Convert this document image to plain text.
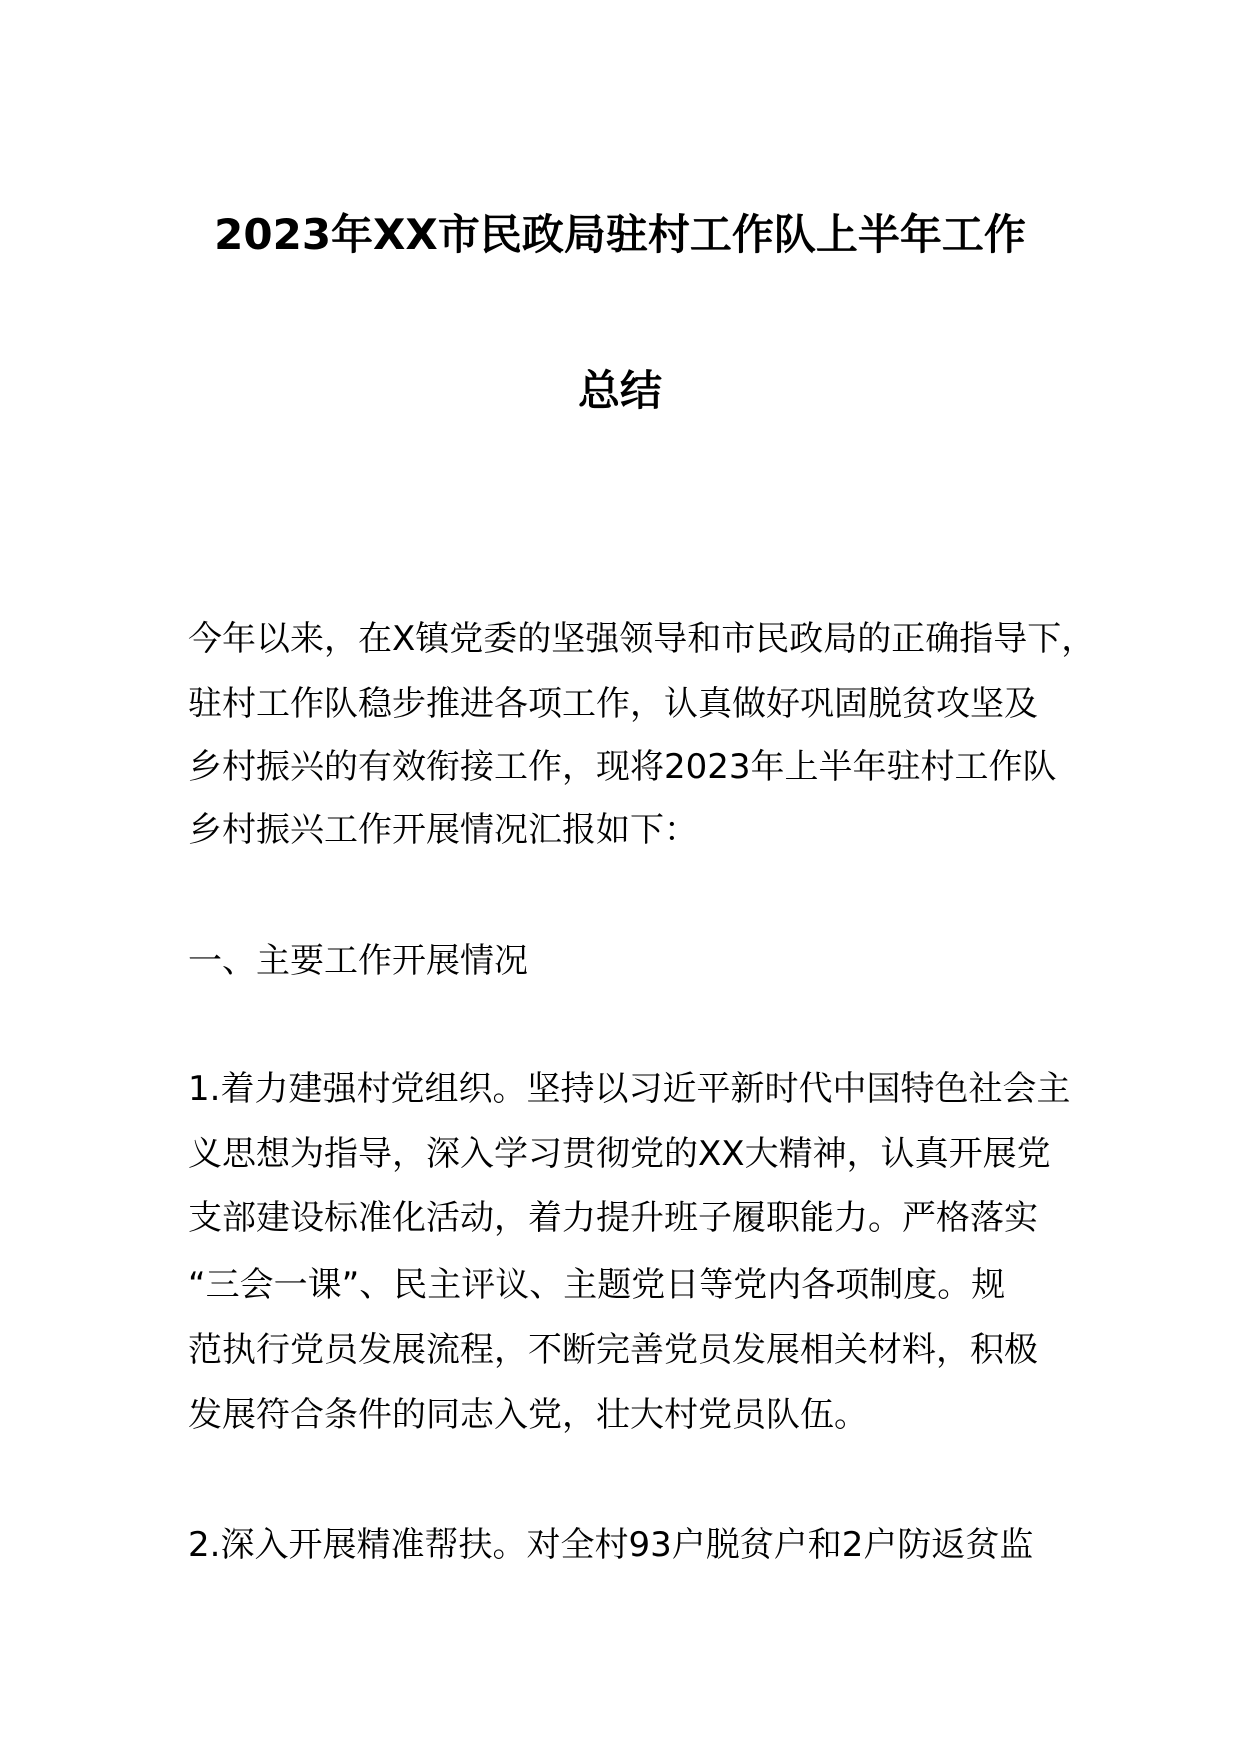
2023年XX市民政局驻村工作队上半年工作
总结
今年以来，在X镇党委的坚强领导和市民政局的正确指导下，
驻村工作队稳步推进各项工作，认真做好巩固脱贫攻坚及
乡村振兴的有效衔接工作，现将2023年上半年驻村工作队
乡村振兴工作开展情况汇报如下：
一、主要工作开展情况
1.着力建强村党组织。坚持以习近平新时代中国特色社会主
义思想为指导，深入学习贯彻党的XX大精神，认真开展党
支部建设标准化活动，着力提升班子履职能力。严格落实
“三会一课”、民主评议、主题党日等党内各项制度。规
范执行党员发展流程，不断完善党员发展相关材料，积极
发展符合条件的同志入党，壮大村党员队伍。
2.深入开展精准帮扶。对全村93户脱贫户和2户防返贫监
